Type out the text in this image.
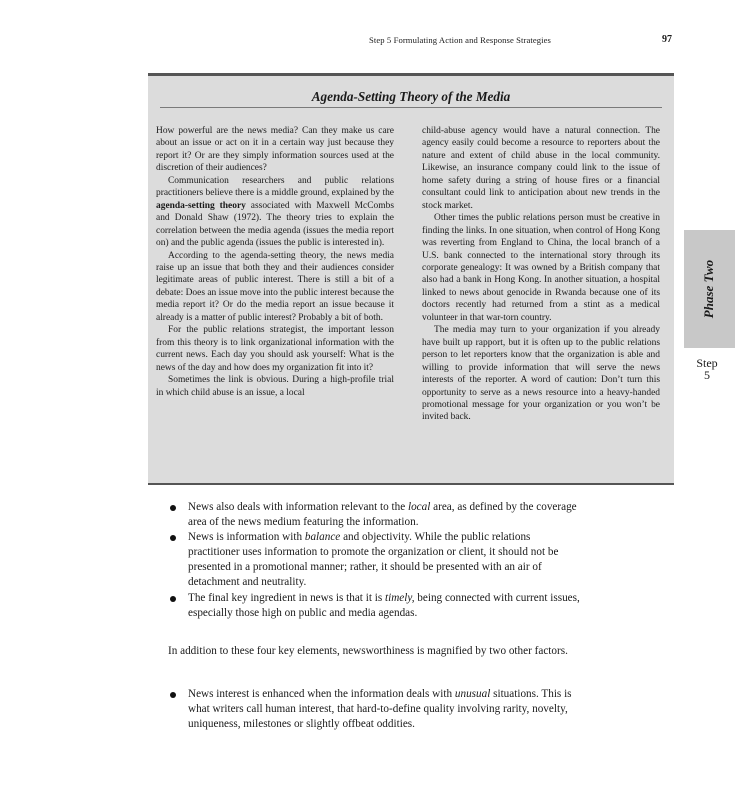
Step 5 Formulating Action and Response Strategies	97
Agenda-Setting Theory of the Media

How powerful are the news media? Can they make us care about an issue or act on it in a certain way just because they report it? Or are they simply information sources used at the discretion of their audiences?

Communication researchers and public relations practitioners believe there is a middle ground, explained by the agenda-setting theory associated with Maxwell McCombs and Donald Shaw (1972). The theory tries to explain the correlation between the media agenda (issues the media report on) and the public agenda (issues the public is interested in).

According to the agenda-setting theory, the news media raise up an issue that both they and their audiences consider legitimate areas of public interest. There is still a bit of a debate: Does an issue move into the public interest because the media report it? Or do the media report an issue because it already is a matter of public interest? Probably a bit of both.

For the public relations strategist, the important lesson from this theory is to link organizational information with the current news. Each day you should ask yourself: What is the news of the day and how does my organization fit into it?

Sometimes the link is obvious. During a high-profile trial in which child abuse is an issue, a local

child-abuse agency would have a natural connection. The agency easily could become a resource to reporters about the nature and extent of child abuse in the local community. Likewise, an insurance company could link to the issue of home safety during a string of house fires or a financial consultant could link to anticipation about new trends in the stock market.

Other times the public relations person must be creative in finding the links. In one situation, when control of Hong Kong was reverting from England to China, the local branch of a U.S. bank connected to the international story through its corporate genealogy: It was owned by a British company that also had a bank in Hong Kong. In another situation, a hospital linked to news about genocide in Rwanda because one of its doctors recently had returned from a stint as a medical volunteer in that war-torn country.

The media may turn to your organization if you already have built up rapport, but it is often up to the public relations person to let reporters know that the organization is able and willing to provide information that will serve the news interests of the reporter. A word of caution: Don’t turn this opportunity to serve as a news resource into a heavy-handed promotional message for your organization or you won’t be invited back.

Phase Two
Step
5
News also deals with information relevant to the local area, as defined by the coverage area of the news medium featuring the information.
News is information with balance and objectivity. While the public relations practitioner uses information to promote the organization or client, it should not be presented in a promotional manner; rather, it should be presented with an air of detachment and neutrality.
The final key ingredient in news is that it is timely, being connected with current issues, especially those high on public and media agendas.

In addition to these four key elements, newsworthiness is magnified by two other factors.

News interest is enhanced when the information deals with unusual situations. This is what writers call human interest, that hard-to-define quality involving rarity, novelty, uniqueness, milestones or slightly offbeat oddities.
